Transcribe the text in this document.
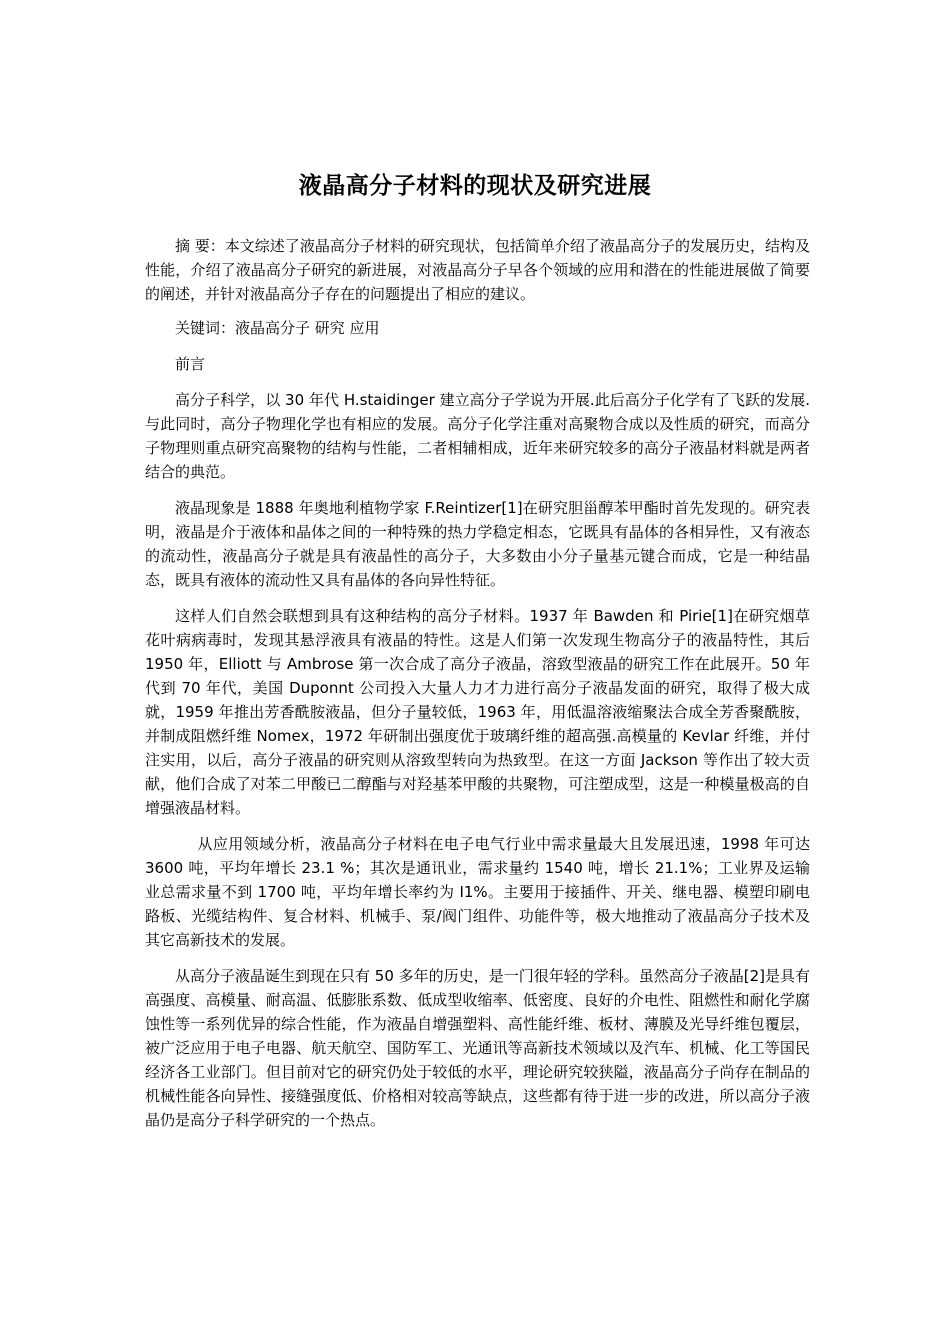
液晶高分子材料的现状及研究进展

摘 要：本文综述了液晶高分子材料的研究现状，包括简单介绍了液晶高分子的发展历史，结构及性能，介绍了液晶高分子研究的新进展，对液晶高分子早各个领域的应用和潜在的性能进展做了简要的阐述，并针对液晶高分子存在的问题提出了相应的建议。

关键词：液晶高分子 研究 应用

前言

高分子科学，以 30 年代 H.staidinger 建立高分子学说为开展.此后高分子化学有了飞跃的发展.与此同时，高分子物理化学也有相应的发展。高分子化学注重对高聚物合成以及性质的研究，而高分子物理则重点研究高聚物的结构与性能，二者相辅相成，近年来研究较多的高分子液晶材料就是两者结合的典范。

液晶现象是 1888 年奥地利植物学家 F.Reintizer[1]在研究胆甾醇苯甲酯时首先发现的。研究表明，液晶是介于液体和晶体之间的一种特殊的热力学稳定相态，它既具有晶体的各相异性，又有液态的流动性，液晶高分子就是具有液晶性的高分子，大多数由小分子量基元键合而成，它是一种结晶态，既具有液体的流动性又具有晶体的各向异性特征。

这样人们自然会联想到具有这种结构的高分子材料。1937 年 Bawden 和 Pirie[1]在研究烟草花叶病病毒时，发现其悬浮液具有液晶的特性。这是人们第一次发现生物高分子的液晶特性，其后 1950 年，Elliott 与 Ambrose 第一次合成了高分子液晶，溶致型液晶的研究工作在此展开。50 年代到 70 年代，美国 Duponnt 公司投入大量人力才力进行高分子液晶发面的研究，取得了极大成就，1959 年推出芳香酰胺液晶，但分子量较低，1963 年，用低温溶液缩聚法合成全芳香聚酰胺，并制成阻燃纤维 Nomex，1972 年研制出强度优于玻璃纤维的超高强.高模量的 Kevlar 纤维，并付注实用，以后，高分子液晶的研究则从溶致型转向为热致型。在这一方面 Jackson 等作出了较大贡献，他们合成了对苯二甲酸已二醇酯与对羟基苯甲酸的共聚物，可注塑成型，这是一种模量极高的自增强液晶材料。

从应用领域分析，液晶高分子材料在电子电气行业中需求量最大且发展迅速，1998 年可达 3600 吨，平均年增长 23.1 %；其次是通讯业，需求量约 1540 吨，增长 21.1%；工业界及运输业总需求量不到 1700 吨，平均年增长率约为 I1%。主要用于接插件、开关、继电器、模塑印刷电路板、光缆结构件、复合材料、机械手、泵/阀门组件、功能件等，极大地推动了液晶高分子技术及其它高新技术的发展。

从高分子液晶诞生到现在只有 50 多年的历史，是一门很年轻的学科。虽然高分子液晶[2]是具有高强度、高模量、耐高温、低膨胀系数、低成型收缩率、低密度、良好的介电性、阻燃性和耐化学腐蚀性等一系列优异的综合性能，作为液晶自增强塑料、高性能纤维、板材、薄膜及光导纤维包覆层，被广泛应用于电子电器、航天航空、国防军工、光通讯等高新技术领域以及汽车、机械、化工等国民经济各工业部门。但目前对它的研究仍处于较低的水平，理论研究较狭隘，液晶高分子尚存在制品的机械性能各向异性、接缝强度低、价格相对较高等缺点，这些都有待于进一步的改进，所以高分子液晶仍是高分子科学研究的一个热点。
